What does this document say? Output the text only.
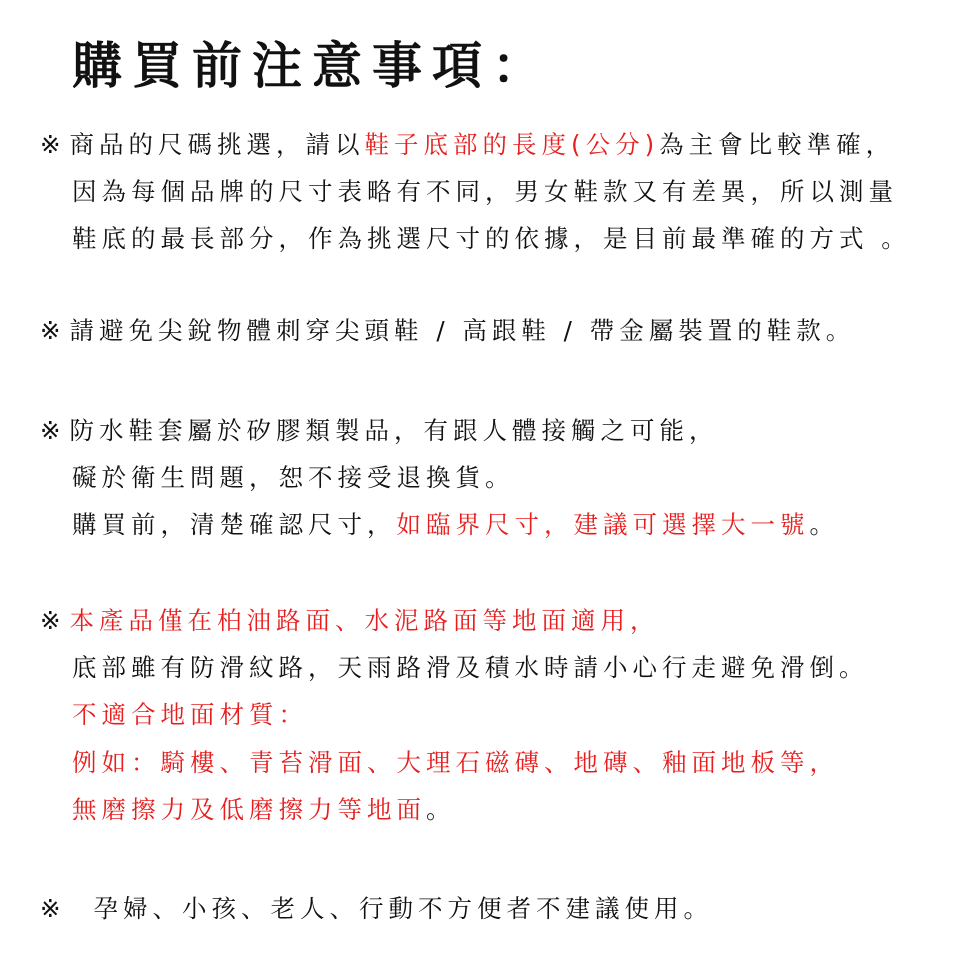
購買前注意事項：
※ 商品的尺碼挑選，請以鞋子底部的長度(公分)為主會比較準確，
因為每個品牌的尺寸表略有不同，男女鞋款又有差異，所以測量
鞋底的最長部分，作為挑選尺寸的依據，是目前最準確的方式 。
※ 請避免尖銳物體刺穿尖頭鞋 / 高跟鞋 / 帶金屬裝置的鞋款。
※ 防水鞋套屬於矽膠類製品，有跟人體接觸之可能，
礙於衛生問題，恕不接受退換貨。
購買前，清楚確認尺寸，如臨界尺寸，建議可選擇大一號。
※ 本產品僅在柏油路面、水泥路面等地面適用，
底部雖有防滑紋路，天雨路滑及積水時請小心行走避免滑倒。
不適合地面材質：
例如：騎樓、青苔滑面、大理石磁磚、地磚、釉面地板等，
無磨擦力及低磨擦力等地面。
※ 孕婦、小孩、老人、行動不方便者不建議使用。
